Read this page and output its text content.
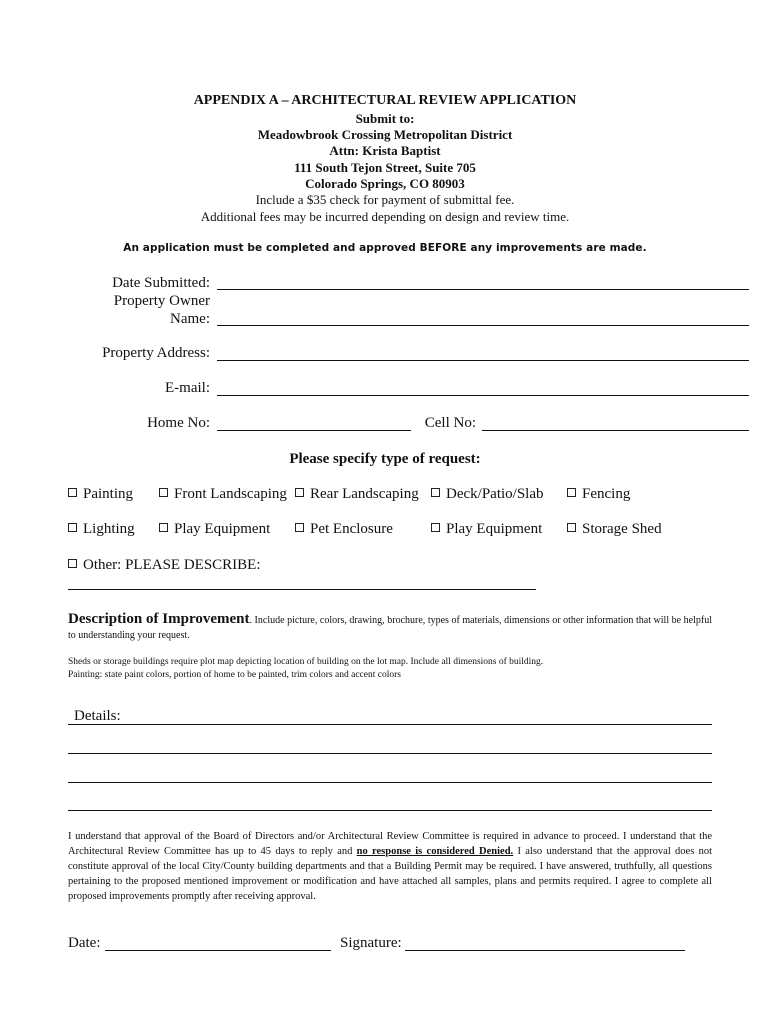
APPENDIX A – ARCHITECTURAL REVIEW APPLICATION
Submit to:
Meadowbrook Crossing Metropolitan District
Attn: Krista Baptist
111 South Tejon Street, Suite 705
Colorado Springs, CO 80903
Include a $35 check for payment of submittal fee.
Additional fees may be incurred depending on design and review time.
An application must be completed and approved BEFORE any improvements are made.
Date Submitted:
Property Owner
Name:
Property Address:
E-mail:
Home No:	Cell No:
Please specify type of request:
Painting	Front Landscaping	Rear Landscaping	Deck/Patio/Slab	Fencing
Lighting	Play Equipment	Pet Enclosure	Play Equipment	Storage Shed
Other: PLEASE DESCRIBE:
Description of Improvement. Include picture, colors, drawing, brochure, types of materials, dimensions or other information that will be helpful to understanding your request.
Sheds or storage buildings require plot map depicting location of building on the lot map. Include all dimensions of building.
Painting: state paint colors, portion of home to be painted, trim colors and accent colors
Details:
I understand that approval of the Board of Directors and/or Architectural Review Committee is required in advance to proceed. I understand that the Architectural Review Committee has up to 45 days to reply and no response is considered Denied. I also understand that the approval does not constitute approval of the local City/County building departments and that a Building Permit may be required. I have answered, truthfully, all questions pertaining to the proposed mentioned improvement or modification and have attached all samples, plans and permits required. I agree to complete all proposed improvements promptly after receiving approval.
Date:	Signature:
